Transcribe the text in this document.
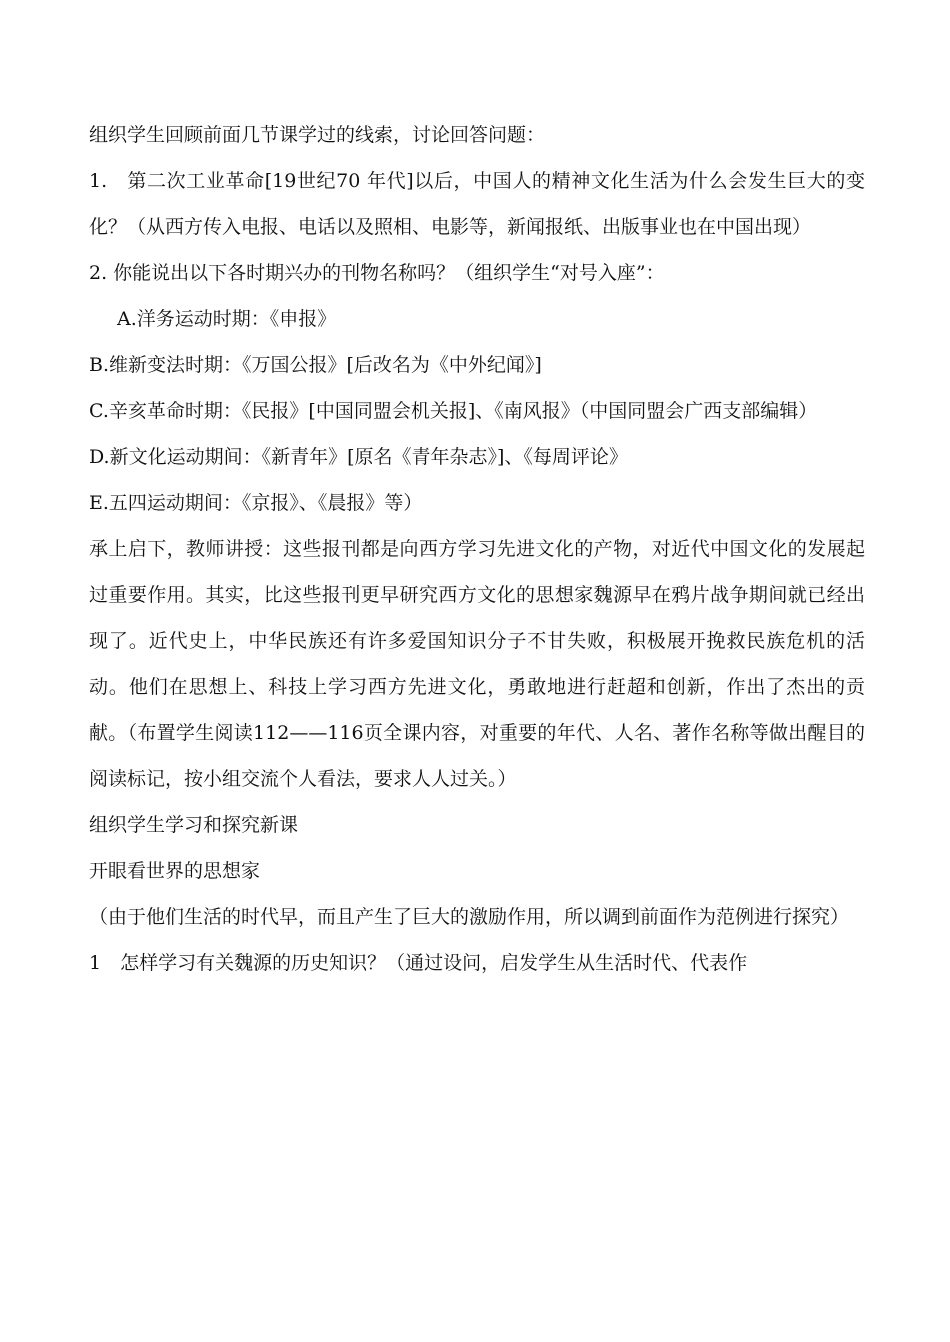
组织学生回顾前面几节课学过的线索，讨论回答问题：

1.　第二次工业革命[19世纪70 年代]以后，中国人的精神文化生活为什么会发生巨大的变化？（从西方传入电报、电话以及照相、电影等，新闻报纸、出版事业也在中国出现）

2. 你能说出以下各时期兴办的刊物名称吗？（组织学生“对号入座”：

A.洋务运动时期：《申报》

B.维新变法时期：《万国公报》[后改名为《中外纪闻》]

C.辛亥革命时期：《民报》[中国同盟会机关报]、《南风报》（中国同盟会广西支部编辑）

D.新文化运动期间：《新青年》[原名《青年杂志》]、《每周评论》

E.五四运动期间：《京报》、《晨报》等）

承上启下，教师讲授：这些报刊都是向西方学习先进文化的产物，对近代中国文化的发展起过重要作用。其实，比这些报刊更早研究西方文化的思想家魏源早在鸦片战争期间就已经出现了。近代史上，中华民族还有许多爱国知识分子不甘失败，积极展开挽救民族危机的活动。他们在思想上、科技上学习西方先进文化，勇敢地进行赶超和创新，作出了杰出的贡献。（布置学生阅读112——116页全课内容，对重要的年代、人名、著作名称等做出醒目的阅读标记，按小组交流个人看法，要求人人过关。）

组织学生学习和探究新课

开眼看世界的思想家

（由于他们生活的时代早，而且产生了巨大的激励作用，所以调到前面作为范例进行探究）

1　怎样学习有关魏源的历史知识？（通过设问，启发学生从生活时代、代表作
